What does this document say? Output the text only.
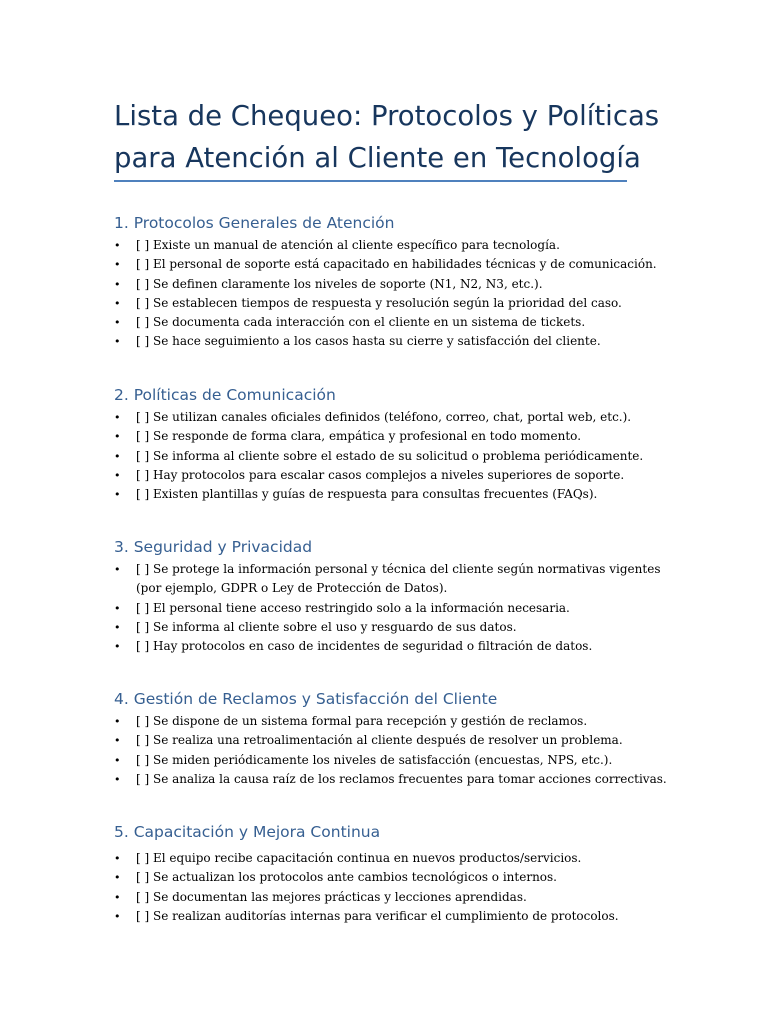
Lista de Chequeo: Protocolos y Políticas
para Atención al Cliente en Tecnología
1. Protocolos Generales de Atención
• [ ] Existe un manual de atención al cliente específico para tecnología.
• [ ] El personal de soporte está capacitado en habilidades técnicas y de comunicación.
• [ ] Se definen claramente los niveles de soporte (N1, N2, N3, etc.).
• [ ] Se establecen tiempos de respuesta y resolución según la prioridad del caso.
• [ ] Se documenta cada interacción con el cliente en un sistema de tickets.
• [ ] Se hace seguimiento a los casos hasta su cierre y satisfacción del cliente.
2. Políticas de Comunicación
• [ ] Se utilizan canales oficiales definidos (teléfono, correo, chat, portal web, etc.).
• [ ] Se responde de forma clara, empática y profesional en todo momento.
• [ ] Se informa al cliente sobre el estado de su solicitud o problema periódicamente.
• [ ] Hay protocolos para escalar casos complejos a niveles superiores de soporte.
• [ ] Existen plantillas y guías de respuesta para consultas frecuentes (FAQs).
3. Seguridad y Privacidad
• [ ] Se protege la información personal y técnica del cliente según normativas vigentes
(por ejemplo, GDPR o Ley de Protección de Datos).
• [ ] El personal tiene acceso restringido solo a la información necesaria.
• [ ] Se informa al cliente sobre el uso y resguardo de sus datos.
• [ ] Hay protocolos en caso de incidentes de seguridad o filtración de datos.
4. Gestión de Reclamos y Satisfacción del Cliente
• [ ] Se dispone de un sistema formal para recepción y gestión de reclamos.
• [ ] Se realiza una retroalimentación al cliente después de resolver un problema.
• [ ] Se miden periódicamente los niveles de satisfacción (encuestas, NPS, etc.).
• [ ] Se analiza la causa raíz de los reclamos frecuentes para tomar acciones correctivas.
5. Capacitación y Mejora Continua
• [ ] El equipo recibe capacitación continua en nuevos productos/servicios.
• [ ] Se actualizan los protocolos ante cambios tecnológicos o internos.
• [ ] Se documentan las mejores prácticas y lecciones aprendidas.
• [ ] Se realizan auditorías internas para verificar el cumplimiento de protocolos.
